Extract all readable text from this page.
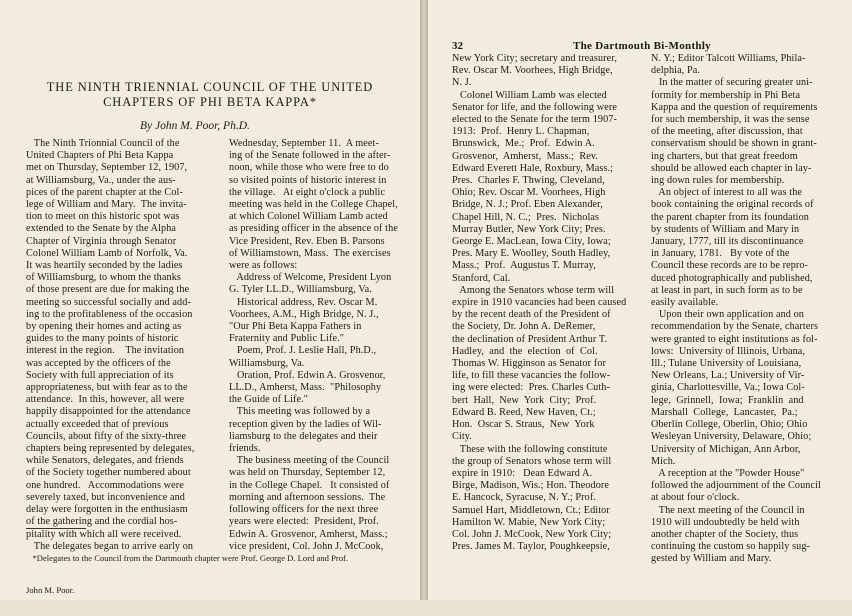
THE NINTH TRIENNIAL COUNCIL OF THE UNITED
CHAPTERS OF PHI BETA KAPPA*
By John M. Poor, Ph.D.

The Ninth Trionnial Council of the

United Chapters of Phi Beta Kappa

met on Thursday, September 12, 1907,

at Williamsburg, Va., under the aus-

pices of the parent chapter at the Col-

lege of William and Mary.  The invita-

tion to meet on this historic spot was

extended to the Senate by the Alpha

Chapter of Virginia through Senator

Colonel William Lamb of Norfolk, Va.

It was heartily seconded by the ladies

of Williamsburg, to whom the thanks

of those present are due for making the

meeting so successful socially and add-

ing to the profitableness of the occasion

by opening their homes and acting as

guides to the many points of historic

interest in the region.    The invitation

was accepted by the officers of the

Society with full appreciation of its

appropriateness, but with fear as to the

attendance.  In this, however, all were

happily disappointed for the attendance

actually exceeded that of previous

Councils, about fifty of the sixty-three

chapters being represented by delegates,

while Senators, delegates, and friends

of the Society together numbered about

one hundred.   Accommodations were

severely taxed, but inconvenience and

delay were forgotten in the enthusiasm

of the gathering and the cordial hos-

pitality with which all were received.

The delegates began to arrive early on

Wednesday, September 11.  A meet-

ing of the Senate followed in the after-

noon, while those who were free to do

so visited points of historic interest in

the village.   At eight o'clock a public

meeting was held in the College Chapel,

at which Colonel William Lamb acted

as presiding officer in the absence of the

Vice President, Rev. Eben B. Parsons

of Williamstown, Mass.  The exercises

were as follows:

Address of Welcome, President Lyon

G. Tyler LL.D., Williamsburg, Va.

Historical address, Rev. Oscar M.

Voorhees, A.M., High Bridge, N. J.,

"Our Phi Beta Kappa Fathers in

Fraternity and Public Life."

Poem, Prof. J. Leslie Hall, Ph.D.,

Williamsburg, Va.

Oration, Prof. Edwin A. Grosvenor,

LL.D., Amherst, Mass.  "Philosophy

the Guide of Life."

This meeting was followed by a

reception given by the ladies of Wil-

liamsburg to the delegates and their

friends.

The business meeting of the Council

was held on Thursday, September 12,

in the College Chapel.   It consisted of

morning and afternoon sessions.  The

following officers for the next three

years were elected:  President, Prof.

Edwin A. Grosvenor, Amherst, Mass.;

vice president, Col. John J. McCook,

*Delegates to the Council from the Dartmouth chapter were Prof. George D. Lord and Prof.

John M. Poor.

32	The Dartmouth Bi-Monthly

New York City; secretary and treasurer,

Rev. Oscar M. Voorhees, High Bridge,

N. J.

Colonel William Lamb was elected

Senator for life, and the following were

elected to the Senate for the term 1907-

1913:  Prof.  Henry L. Chapman,

Brunswick,  Me.;  Prof.  Edwin A.

Grosvenor,  Amherst,  Mass.;  Rev.

Edward Everett Hale, Roxbury, Mass.;

Pres.  Charles F. Thwing, Cleveland,

Ohio; Rev. Oscar M. Voorhees, High

Bridge, N. J.; Prof. Eben Alexander,

Chapel Hill, N. C.;  Pres.  Nicholas

Murray Butler, New York City; Pres.

George E. MacLean, Iowa City, Iowa;

Pres. Mary E. Woolley, South Hadley,

Mass.;  Prof.  Augustus T. Murray,

Stanford, Cal.

Among the Senators whose term will

expire in 1910 vacancies had been caused

by the recent death of the President of

the Society, Dr. John A. DeRemer,

the declination of President Arthur T.

Hadley,  and  the  election  of  Col.

Thomas W. Higginson as Senator for

life, to fill these vacancies the follow-

ing were elected:  Pres. Charles Cuth-

bert  Hall,  New  York  City;  Prof.

Edward B. Reed, New Haven, Ct.;

Hon.  Oscar S. Straus,  New  York

City.

These with the following constitute

the group of Senators whose term will

expire in 1910:   Dean Edward A.

Birge, Madison, Wis.; Hon. Theodore

E. Hancock, Syracuse, N. Y.; Prof.

Samuel Hart, Middletown, Ct.; Editor

Hamilton W. Mabie, New York City;

Col. John J. McCook, New York City;

Pres. James M. Taylor, Poughkeepsie,

N. Y.; Editor Talcott Williams, Phila-

delphia, Pa.

In the matter of securing greater uni-

formity for membership in Phi Beta

Kappa and the question of requirements

for such membership, it was the sense

of the meeting, after discussion, that

conservatism should be shown in grant-

ing charters, but that great freedom

should be allowed each chapter in lay-

ing down rules for membership.

An object of interest to all was the

book containing the original records of

the parent chapter from its foundation

by students of William and Mary in

January, 1777, till its discontinuance

in January, 1781.   By vote of the

Council these records are to be repro-

duced photographically and published,

at least in part, in such form as to be

easily available.

Upon their own application and on

recommendation by the Senate, charters

were granted to eight institutions as fol-

lows:  University of Illinois, Urbana,

Ill.; Tulane University of Louisiana,

New Orleans, La.; University of Vir-

ginia, Charlottesville, Va.; Iowa Col-

lege,  Grinnell,  Iowa;  Franklin  and

Marshall  College,  Lancaster,  Pa.;

Oberlin College, Oberlin, Ohio; Ohio

Wesleyan University, Delaware, Ohio;

University of Michigan, Ann Arbor,

Mich.

A reception at the "Powder House"

followed the adjournment of the Council

at about four o'clock.

The next meeting of the Council in

1910 will undoubtedly be held with

another chapter of the Society, thus

continuing the custom so happily sug-

gested by William and Mary.
